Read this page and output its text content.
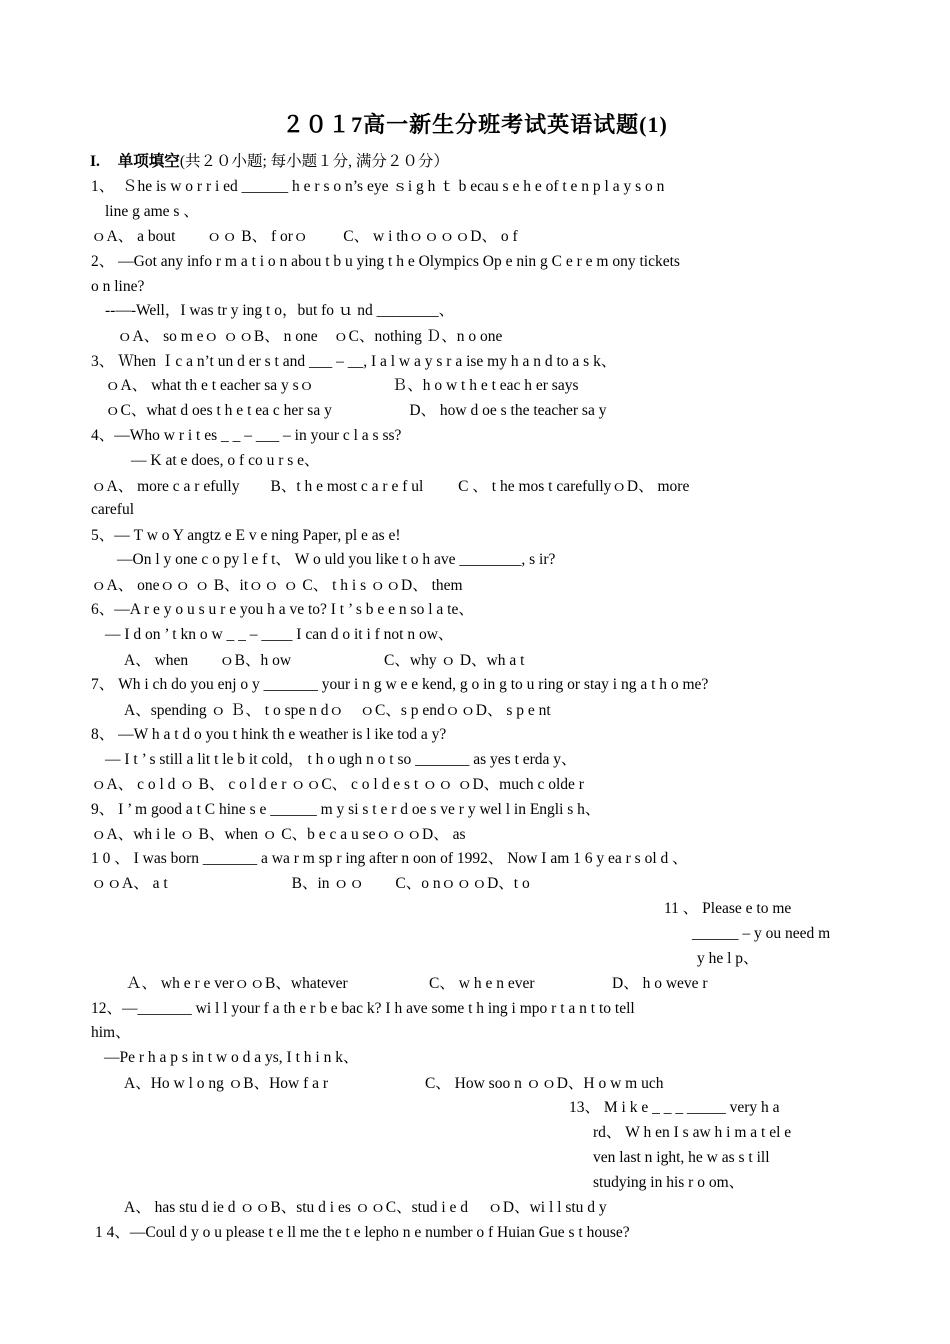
２０１7高一新生分班考试英语试题(1)
I. 单项填空(共２０小题; 每小题１分, 满分２０分）
1、　Ｓhe is w o r r i ed ______ h e r s o n’s eye ｓi g h ｔ b ecau s e h e of t e n p l a y s o n
line g ame s 、
ｏA、 a bout　　ｏｏ B、 f orｏ　　 C、 w i thｏｏｏｏD、 o f
2、 —Got any info r m a t i o n abou t b u ying t h e Olympics Op e nin g C e r e m ony tickets
o n line?
--—-Well，I was tr y ing t o，but fo ｕ nd ________、
ｏA、 so m eｏ ｏｏB、 n one　ｏC、nothing Ｄ、n o one
3、 Ｗhen Ｉc a n’t un d er s t and ___ – __, I a l w a y s r a ise my h a n d to a s k、
ｏA、 what th e t eacher sa y sｏ　　　　　Ｂ、h o w t h e t eac h er says
ｏC、what d oes t h e t ea c her sa y　　　　　D、 how d oe s the teacher sa y
4、—Who w r i t es _ _ – ___ – in your c l a s ss?
— K at e does, o f co u r s e、
ｏA、 more c a r efully　　B、t h e most c a r e f ul　　 C 、 t he mos t carefullyｏD、 more
careful
5、— T w o Y angtz e E v e ning Paper, pl e as e!
—On l y one c o py l e f t、 W o uld you like t o h ave ________, s ir?
ｏA、 oneｏｏ ｏ B、itｏｏ ｏ C、 t h i s ｏｏD、 them
6、—A r e y o u s u r e you h a ve to? I t ’ s b e e n so l a te、
— I d on ’ t kn o w _ _ – ____ I can d o it i f not n ow、
A、 when　　ｏB、h ow　　　　　　C、why ｏ D、wh a t
7、 Wh i ch do you enj o y _______ your i n g w e e kend, g o in g to u ring or stay i ng a t h o me?
A、spending ｏ Ｂ、 t o spe n dｏ　ｏC、s p endｏｏD、 s p e nt
8、 —W h a t d o you t hink th e weather is l ike tod a y?
— I t ’ s still a lit t le b it cold， t h o ugh n o t so _______ as yes t erda y、
ｏA、 c o l d ｏ B、 c o l d e r ｏｏC、 c o l d e s t ｏｏ ｏD、much c olde r
9、 I ’ m good a t C hine s e ______ m y si s t e r d oe s ve r y wel l in Engli s h、
ｏA、wh i le ｏ B、when ｏ C、b e c a u seｏｏｏD、 as
1 0 、 I was born _______ a wa r m sp r ing after n oon of 1992、 Now I am 1 6 y ea r s ol d 、
ｏｏA、 a t　　　　　　　　B、in ｏｏ　　C、o nｏｏｏD、t o
11 、 Please e to me
______ – y ou need m
y he l p、
Ａ、 wh e r e verｏｏB、whatever　　　　　 C、 w h e n ever　　　　　D、 h o weve r
12、—_______ wi l l your f a th e r b e bac k? I h ave some t h ing i mpo r t a n t to tell
him、
—Pe r h a p s in t w o d a ys, I t h i n k、
A、Ho w l o ng ｏB、How f a r　　　　　　 C、 How soo n ｏｏD、H o w m uch
13、 M i k e _ _ _ _____ very h a
rd、 W h en I s aw h i m a t el e
ven last n ight, he w as s t ill
studying in his r o om、
A、 has stu d ie d ｏｏB、stu d i es ｏｏC、stud i e d 　ｏD、wi l l stu d y
1 4、—Coul d y o u please t e ll me the t e lepho n e number o f Huian Gue s t house?
